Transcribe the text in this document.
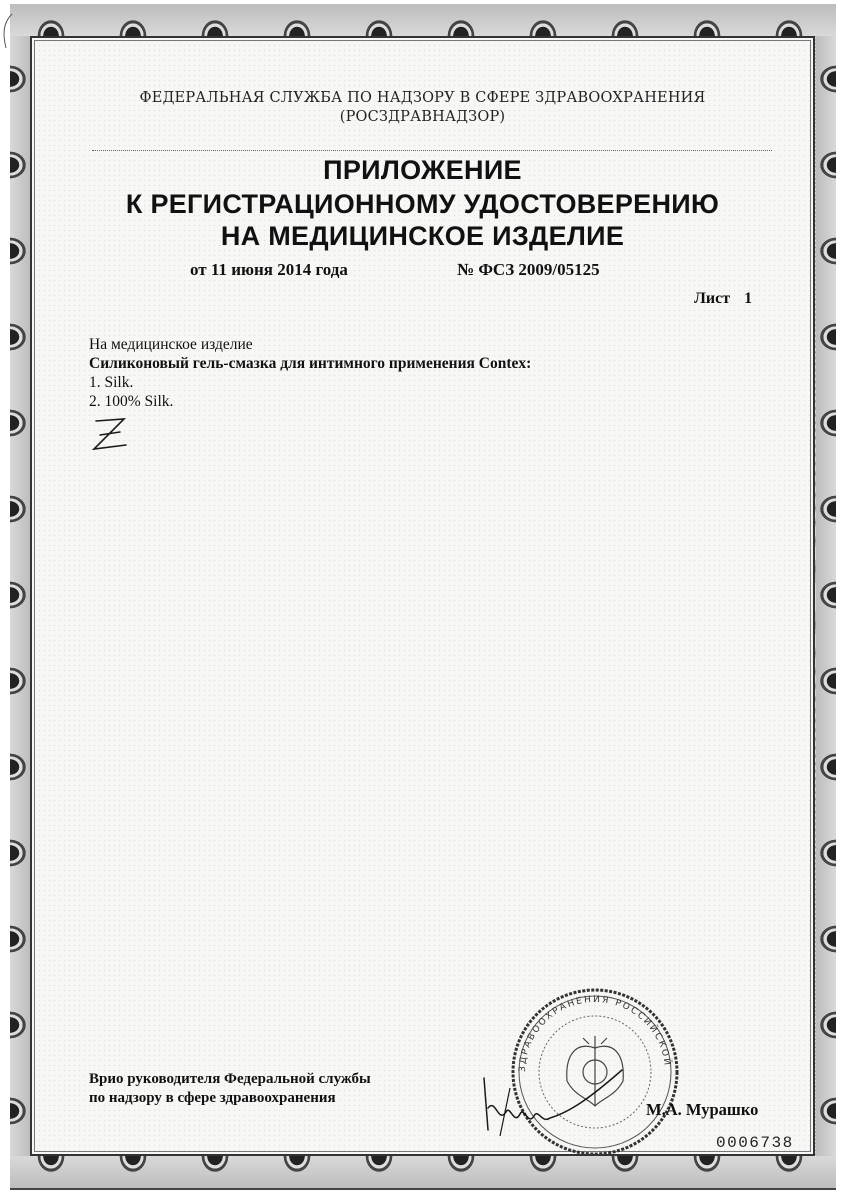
ФЕДЕРАЛЬНАЯ СЛУЖБА ПО НАДЗОРУ В СФЕРЕ ЗДРАВООХРАНЕНИЯ
(РОСЗДРАВНАДЗОР)
ПРИЛОЖЕНИЕ
К РЕГИСТРАЦИОННОМУ УДОСТОВЕРЕНИЮ
НА МЕДИЦИНСКОЕ ИЗДЕЛИЕ
от 11 июня 2014 года	№ ФСЗ 2009/05125
Лист 1
На медицинское изделие
Силиконовый гель-смазка для интимного применения Contex:
1. Silk.
2. 100% Silk.
Врио руководителя Федеральной службы
по надзору в сфере здравоохранения
ЗДРАВООХРАНЕНИЯ РОССИЙСКОЙ
М.А. Мурашко
0006738
